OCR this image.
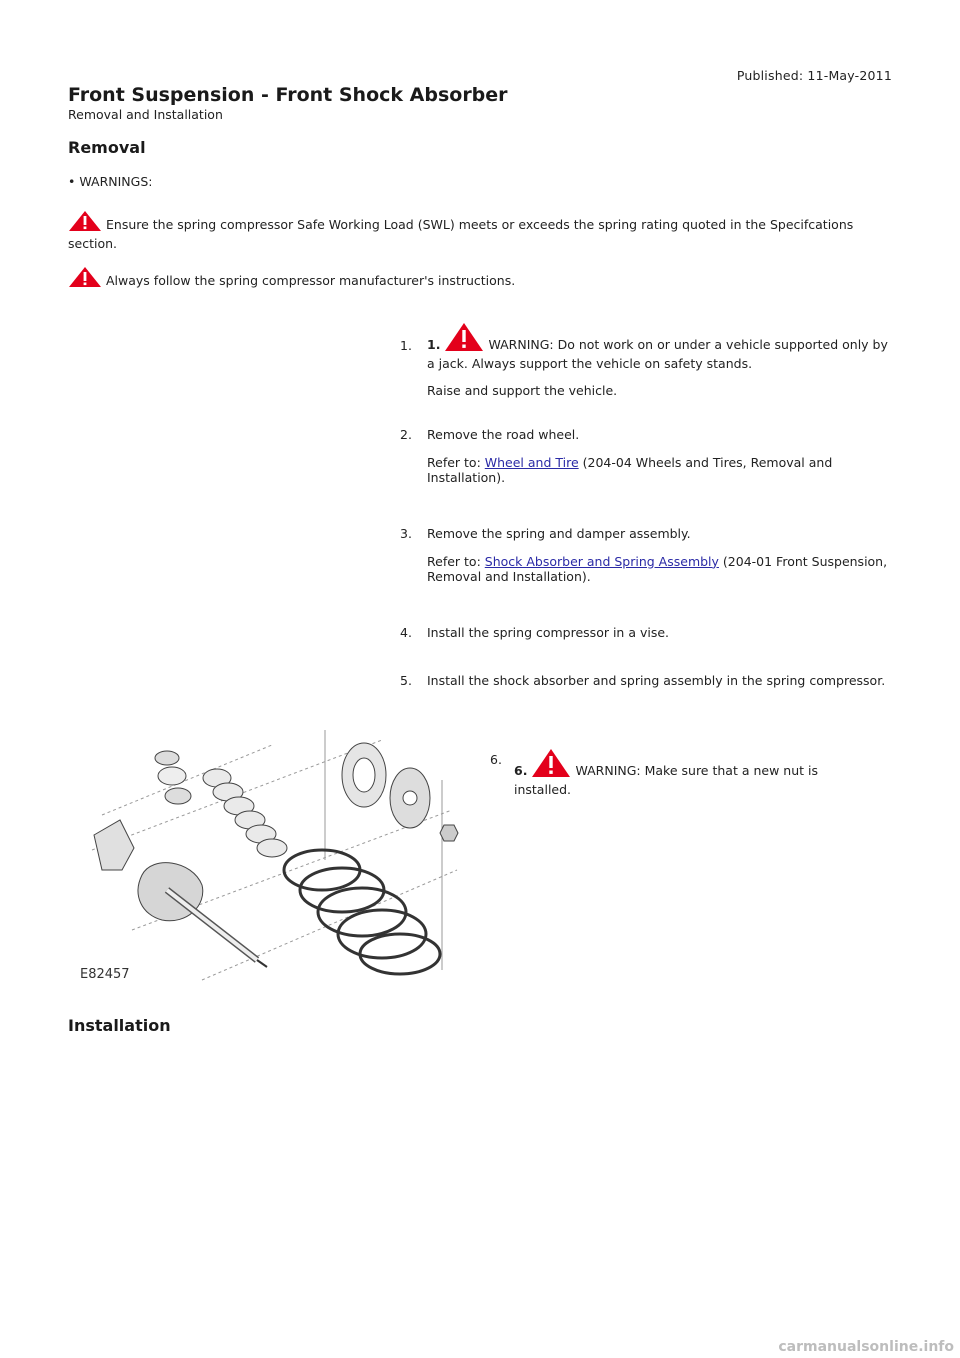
Published: 11-May-2011
Front Suspension - Front Shock Absorber
Removal and Installation
Removal
• WARNINGS:
Ensure the spring compressor Safe Working Load (SWL) meets or exceeds the spring rating quoted in the Specifcations section.
Always follow the spring compressor manufacturer's instructions.
1.	1.	WARNING: Do not work on or under a vehicle supported only by a jack. Always support the vehicle on safety stands.

Raise and support the vehicle.

2.	Remove the road wheel.

Refer to: Wheel and Tire (204-04 Wheels and Tires, Removal and Installation).

3.	Remove the spring and damper assembly.

Refer to: Shock Absorber and Spring Assembly (204-01 Front Suspension, Removal and Installation).

4.	Install the spring compressor in a vise.

5.	Install the shock absorber and spring assembly in the spring compressor.

E82457
6.
6.	WARNING: Make sure that a new nut is installed.
Installation
carmanualsonline.info
